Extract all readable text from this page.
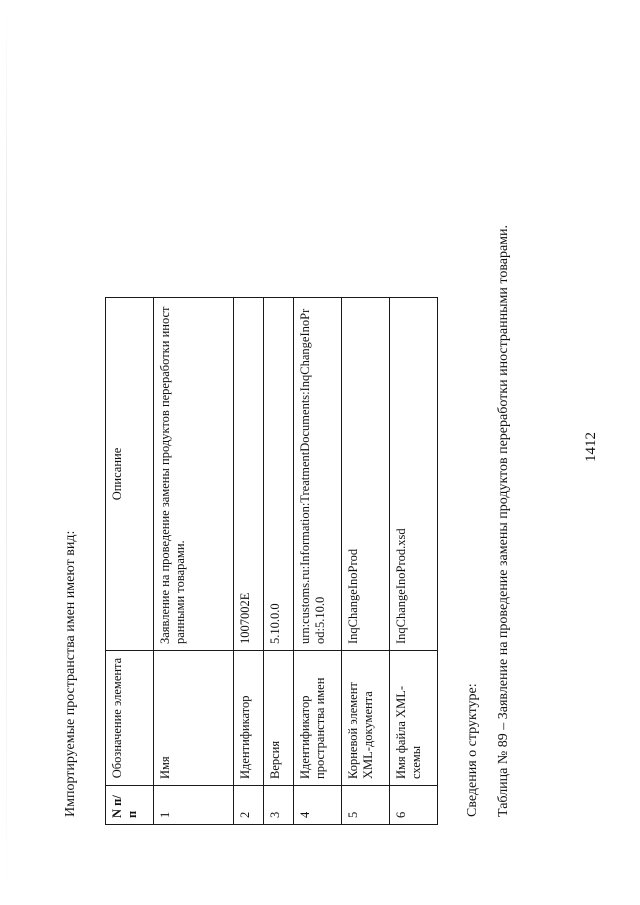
1412
Таблица № 89 – Заявление на проведение замены продуктов переработки иностранными товарами.
Сведения о структуре:
N п/п	Обозначение элемента	Описание
1	Имя	Заявление на проведение замены продуктов переработки иностранными товарами.
2	Идентификатор	1007002E
3	Версия	5.10.0.0
4	Идентификатор пространства имен	urn:customs.ru:Information:TreatmentDocuments:InqChangeInoProd:5.10.0
5	Корневой элемент XML-документа	InqChangeInoProd
6	Имя файла XML-схемы	InqChangeInoProd.xsd
Импортируемые пространства имен имеют вид:
